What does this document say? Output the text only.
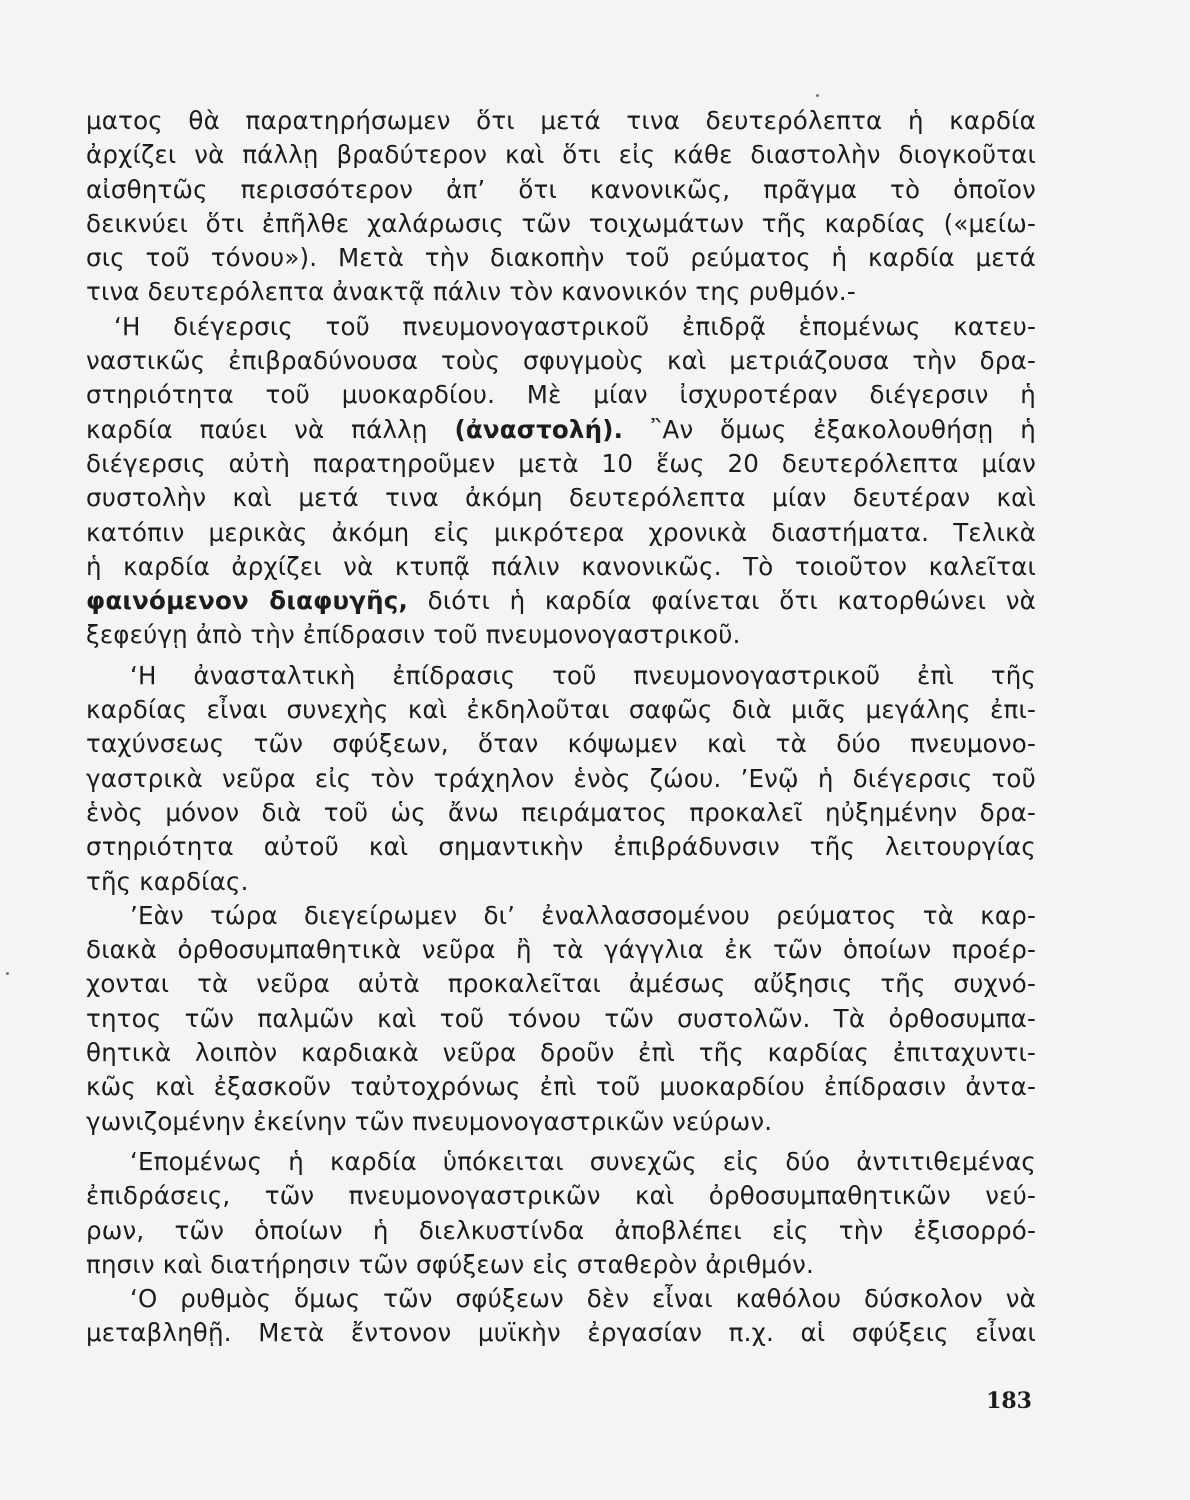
ματος θὰ παρατηρήσωμεν ὅτι μετά τινα δευτερόλεπτα ἡ καρδία
ἀρχίζει νὰ πάλλῃ βραδύτερον καὶ ὅτι εἰς κάθε διαστολὴν διογκοῦται
αἰσθητῶς περισσότερον ἀπ’ ὅτι κανονικῶς, πρᾶγμα τὸ ὁποῖον
δεικνύει ὅτι ἐπῆλθε χαλάρωσις τῶν τοιχωμάτων τῆς καρδίας («μείω-
σις τοῦ τόνου»). Μετὰ τὴν διακοπὴν τοῦ ρεύματος ἡ καρδία μετά
τινα δευτερόλεπτα ἀνακτᾷ πάλιν τὸν κανονικόν της ρυθμόν.-
‘Η διέγερσις τοῦ πνευμονογαστρικοῦ ἐπιδρᾷ ἑπομένως κατευ-
ναστικῶς ἐπιβραδύνουσα τοὺς σφυγμοὺς καὶ μετριάζουσα τὴν δρα-
στηριότητα τοῦ μυοκαρδίου. Μὲ μίαν ἰσχυροτέραν διέγερσιν ἡ
καρδία παύει νὰ πάλλῃ (ἀναστολή). ῍Αν ὅμως ἐξακολουθήσῃ ἡ
διέγερσις αὐτὴ παρατηροῦμεν μετὰ 10 ἕως 20 δευτερόλεπτα μίαν
συστολὴν καὶ μετά τινα ἀκόμη δευτερόλεπτα μίαν δευτέραν καὶ
κατόπιν μερικὰς ἀκόμη εἰς μικρότερα χρονικὰ διαστήματα. Τελικὰ
ἡ καρδία ἀρχίζει νὰ κτυπᾷ πάλιν κανονικῶς. Τὸ τοιοῦτον καλεῖται
φαινόμενον διαφυγῆς, διότι ἡ καρδία φαίνεται ὅτι κατορθώνει νὰ
ξεφεύγῃ ἀπὸ τὴν ἐπίδρασιν τοῦ πνευμονογαστρικοῦ.
‘Η ἀνασταλτικὴ ἐπίδρασις τοῦ πνευμονογαστρικοῦ ἐπὶ τῆς
καρδίας εἶναι συνεχὴς καὶ ἐκδηλοῦται σαφῶς διὰ μιᾶς μεγάλης ἐπι-
ταχύνσεως τῶν σφύξεων, ὅταν κόψωμεν καὶ τὰ δύο πνευμονο-
γαστρικὰ νεῦρα εἰς τὸν τράχηλον ἑνὸς ζώου. ’Ενῷ ἡ διέγερσις τοῦ
ἑνὸς μόνον διὰ τοῦ ὡς ἄνω πειράματος προκαλεῖ ηὐξημένην δρα-
στηριότητα αὐτοῦ καὶ σημαντικὴν ἐπιβράδυνσιν τῆς λειτουργίας
τῆς καρδίας.
’Εὰν τώρα διεγείρωμεν δι’ ἐναλλασσομένου ρεύματος τὰ καρ-
διακὰ ὀρθοσυμπαθητικὰ νεῦρα ἢ τὰ γάγγλια ἐκ τῶν ὁποίων προέρ-
χονται τὰ νεῦρα αὐτὰ προκαλεῖται ἀμέσως αὔξησις τῆς συχνό-
τητος τῶν παλμῶν καὶ τοῦ τόνου τῶν συστολῶν. Τὰ ὀρθοσυμπα-
θητικὰ λοιπὸν καρδιακὰ νεῦρα δροῦν ἐπὶ τῆς καρδίας ἐπιταχυντι-
κῶς καὶ ἐξασκοῦν ταὐτοχρόνως ἐπὶ τοῦ μυοκαρδίου ἐπίδρασιν ἀντα-
γωνιζομένην ἐκείνην τῶν πνευμονογαστρικῶν νεύρων.
‘Επομένως ἡ καρδία ὑπόκειται συνεχῶς εἰς δύο ἀντιτιθεμένας
ἐπιδράσεις, τῶν πνευμονογαστρικῶν καὶ ὀρθοσυμπαθητικῶν νεύ-
ρων, τῶν ὁποίων ἡ διελκυστίνδα ἀποβλέπει εἰς τὴν ἐξισορρό-
πησιν καὶ διατήρησιν τῶν σφύξεων εἰς σταθερὸν ἀριθμόν.
‘Ο ρυθμὸς ὅμως τῶν σφύξεων δὲν εἶναι καθόλου δύσκολον νὰ
μεταβληθῇ. Μετὰ ἔντονον μυϊκὴν ἐργασίαν π.χ. αἱ σφύξεις εἶναι
183
